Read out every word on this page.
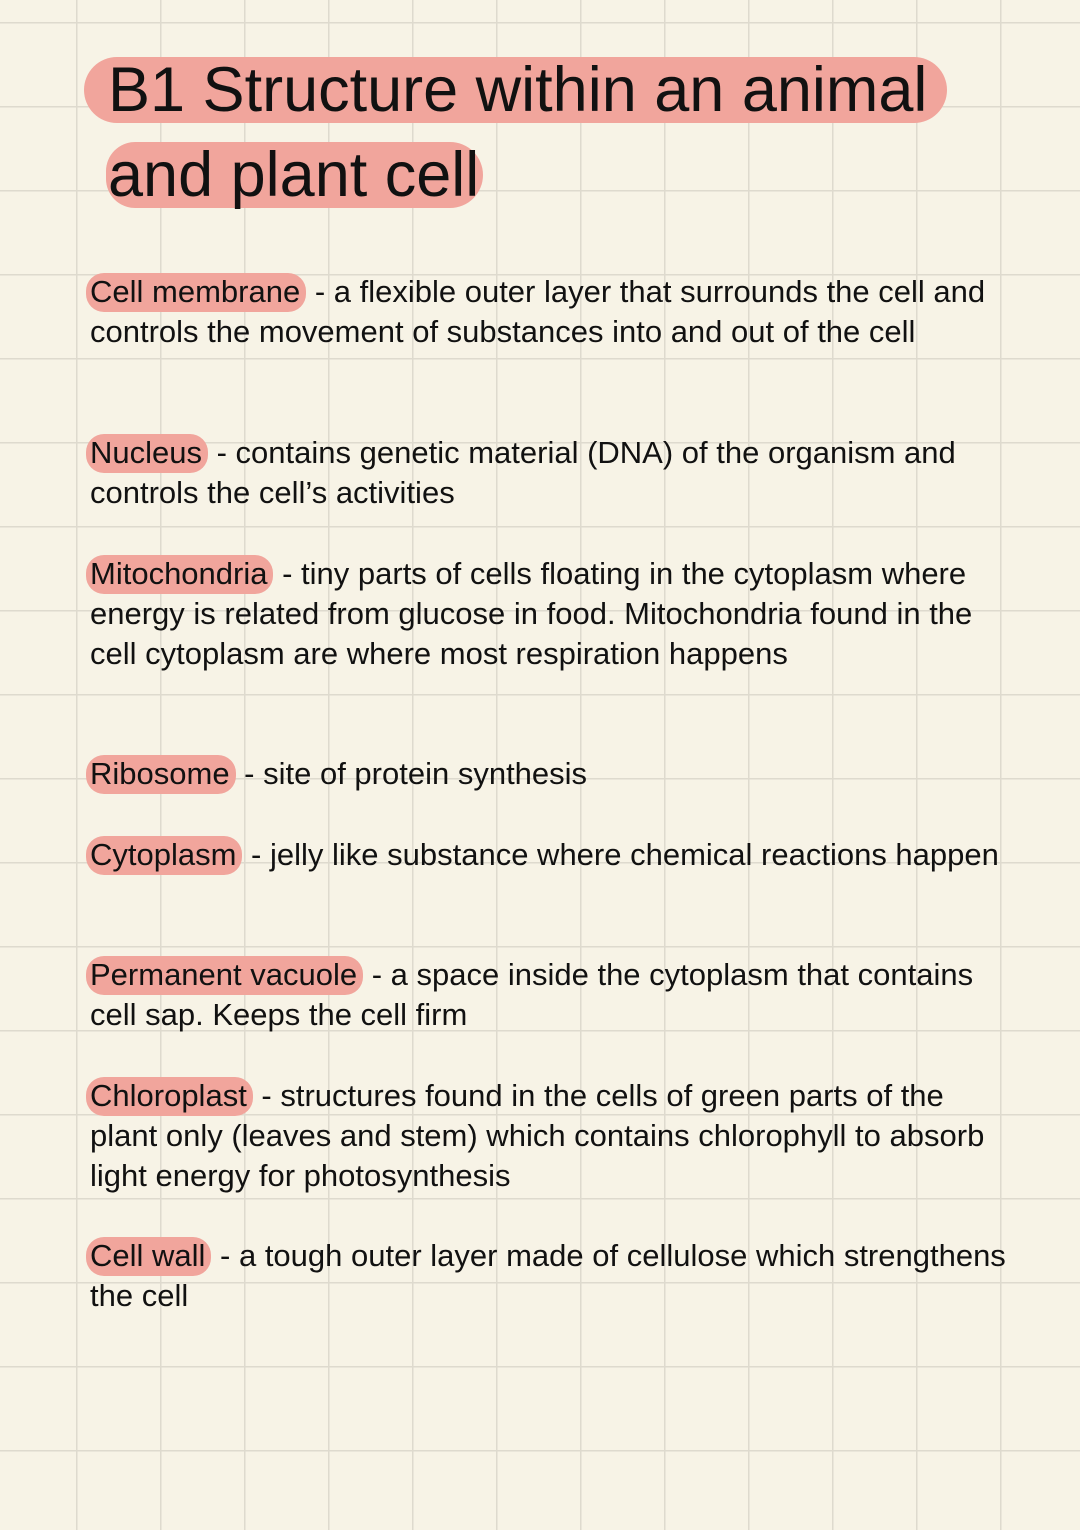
B1 Structure within an animal
and plant cell
Cell membrane - a flexible outer layer that surrounds the cell and controls the movement of substances into and out of the cell
Nucleus - contains genetic material (DNA) of the organism and controls the cell’s activities
Mitochondria - tiny parts of cells floating in the cytoplasm where energy is related from glucose in food. Mitochondria found in the cell cytoplasm are where most respiration happens
Ribosome - site of protein synthesis
Cytoplasm - jelly like substance where chemical reactions happen
Permanent vacuole - a space inside the cytoplasm that contains cell sap. Keeps the cell firm
Chloroplast - structures found in the cells of green parts of the plant only (leaves and stem) which contains chlorophyll to absorb light energy for photosynthesis
Cell wall - a tough outer layer made of cellulose which strengthens the cell
